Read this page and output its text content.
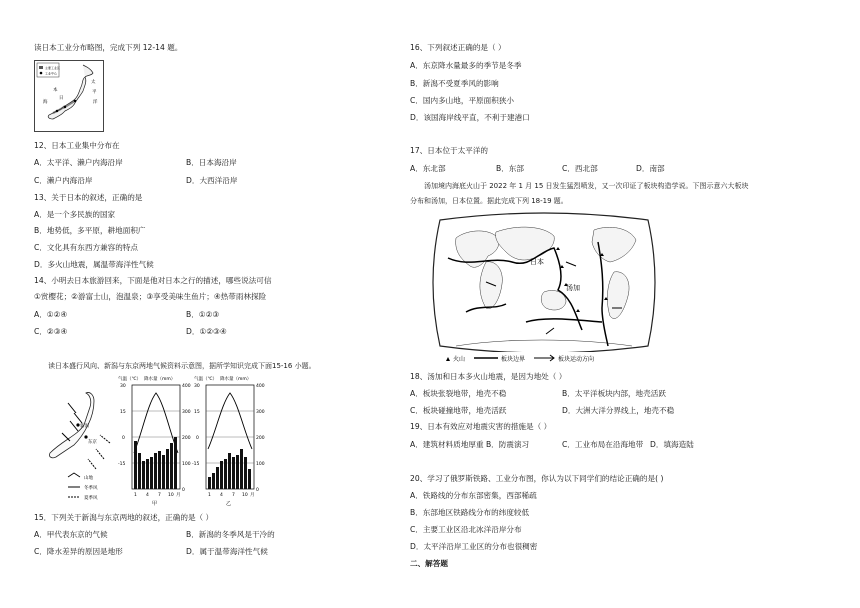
读日本工业分布略图，完成下列 12-14 题。
主要工业区
工业中心
太
平
洋
本
日
海
12、日本工业集中分布在
A．太平洋、濑户内海沿岸	B．日本海沿岸
C．濑户内海沿岸	D．大西洋沿岸
13、关于日本的叙述，正确的是
A．是一个多民族的国家
B．地势低，多平原，耕地面积广
C．文化具有东西方兼容的特点
D．多火山地震，属温带海洋性气候
14、小明去日本旅游回来，下面是他对日本之行的描述，哪些说法可信
①赏樱花；②游富士山，泡温泉；③享受美味生鱼片；④热带雨林探险
A．①②④	B．①②③
C．②③④	D．①②③④
读日本盛行风向、新潟与东京两地气候资料示意图，据所学知识完成下面15-16 小题。
新潟
东京
山地
冬季风
夏季风
气温（℃） 降水量（mm）
30
15
0
-15
400
300
200
100
0
1 4 7 10 月
甲
气温（℃） 降水量（mm）
30
15
0
-15
400
300
200
100
0
1 4 7 10 月
乙
15．下列关于新潟与东京两地的叙述，正确的是（ ）
A．甲代表东京的气候	B．新潟的冬季风是干冷的
C．降水差异的原因是地形	D．属于温带海洋性气候
16、下列叙述正确的是（ ）
A．东京降水量最多的季节是冬季
B．新潟不受夏季风的影响
C．国内多山地，平原面积狭小
D．该国海岸线平直，不利于建港口
17、日本位于太平洋的
A．东北部	B．东部	C．西北部	D．南部
汤加境内海底火山于 2022 年 1 月 15 日发生猛烈喷发，又一次印证了板块构造学说。下图示意六大板块
分布和汤加，日本位置。据此完成下列 18-19 题。
日本
汤加
火山	板块边界	板块运动方向
18、汤加和日本多火山地震，是因为地处（ ）
A．板块张裂地带，地壳不稳	B．太平洋板块内部，地壳活跃
C．板块碰撞地带，地壳活跃	D．大洲大洋分界线上，地壳不稳
19、日本有效应对地震灾害的措施是（ ）
A．建筑材料质地厚重 B．防震演习	C．工业布局在沿海地带 D．填海造陆
20、学习了俄罗斯铁路、工业分布图，你认为以下同学们的结论正确的是( )
A．铁路线的分布东部密集，西部稀疏
B．东部地区铁路线分布的纬度较低
C．主要工业区沿北冰洋沿岸分布
D．太平洋沿岸工业区的分布也很稠密
二、解答题
